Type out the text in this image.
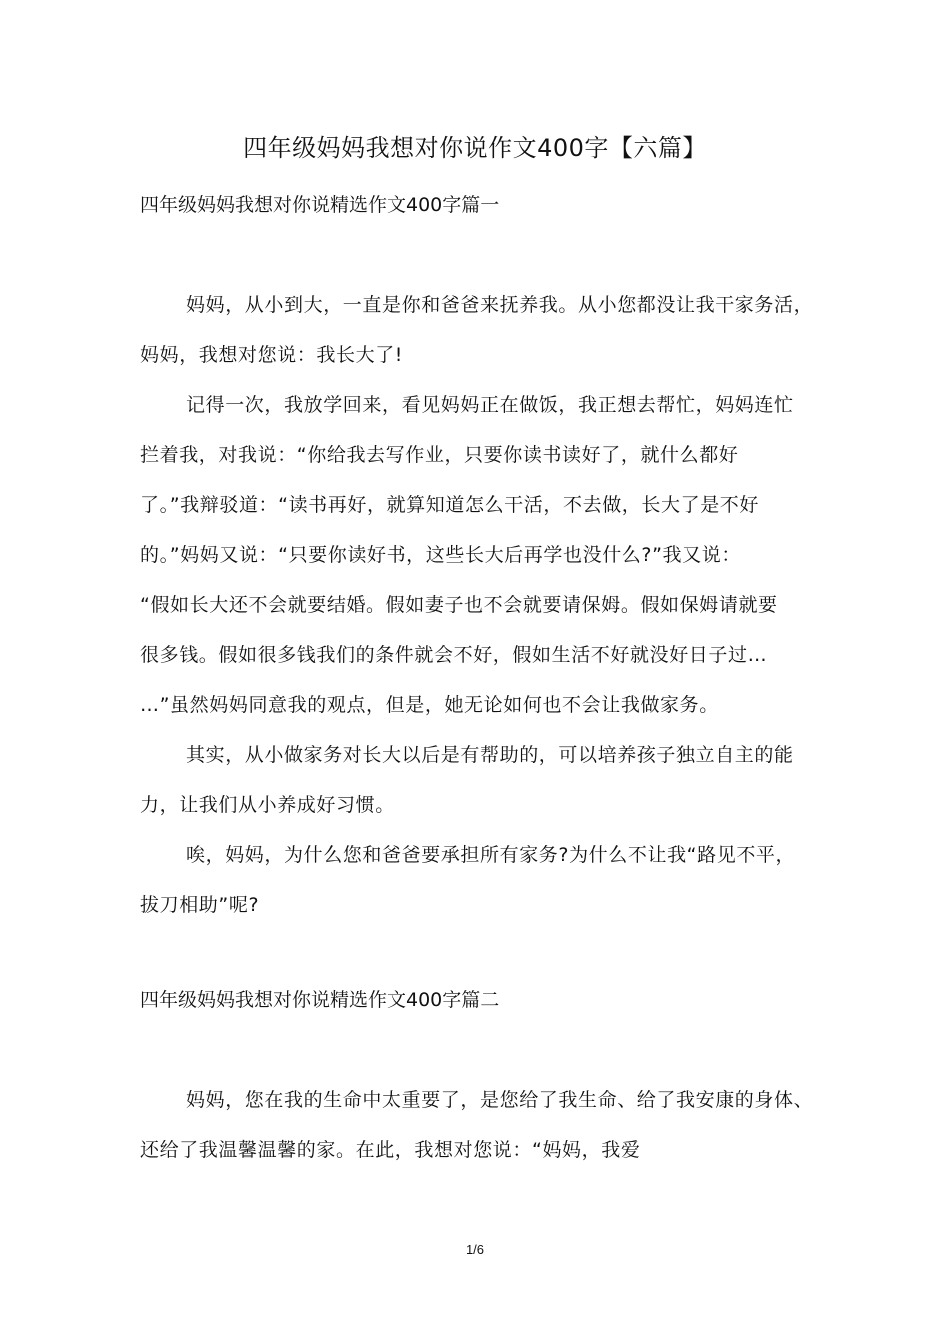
四年级妈妈我想对你说作文400字【六篇】
四年级妈妈我想对你说精选作文400字篇一
妈妈，从小到大，一直是你和爸爸来抚养我。从小您都没让我干家务活，
妈妈，我想对您说：我长大了!
记得一次，我放学回来，看见妈妈正在做饭，我正想去帮忙，妈妈连忙
拦着我，对我说：“你给我去写作业，只要你读书读好了，就什么都好
了。”我辩驳道：“读书再好，就算知道怎么干活，不去做，长大了是不好
的。”妈妈又说：“只要你读好书，这些长大后再学也没什么?”我又说：
“假如长大还不会就要结婚。假如妻子也不会就要请保姆。假如保姆请就要
很多钱。假如很多钱我们的条件就会不好，假如生活不好就没好日子过…
…”虽然妈妈同意我的观点，但是，她无论如何也不会让我做家务。
其实，从小做家务对长大以后是有帮助的，可以培养孩子独立自主的能
力，让我们从小养成好习惯。
唉，妈妈，为什么您和爸爸要承担所有家务?为什么不让我“路见不平，
拔刀相助”呢?
四年级妈妈我想对你说精选作文400字篇二
妈妈，您在我的生命中太重要了，是您给了我生命、给了我安康的身体、
还给了我温馨温馨的家。在此，我想对您说：“妈妈，我爱
1/6
